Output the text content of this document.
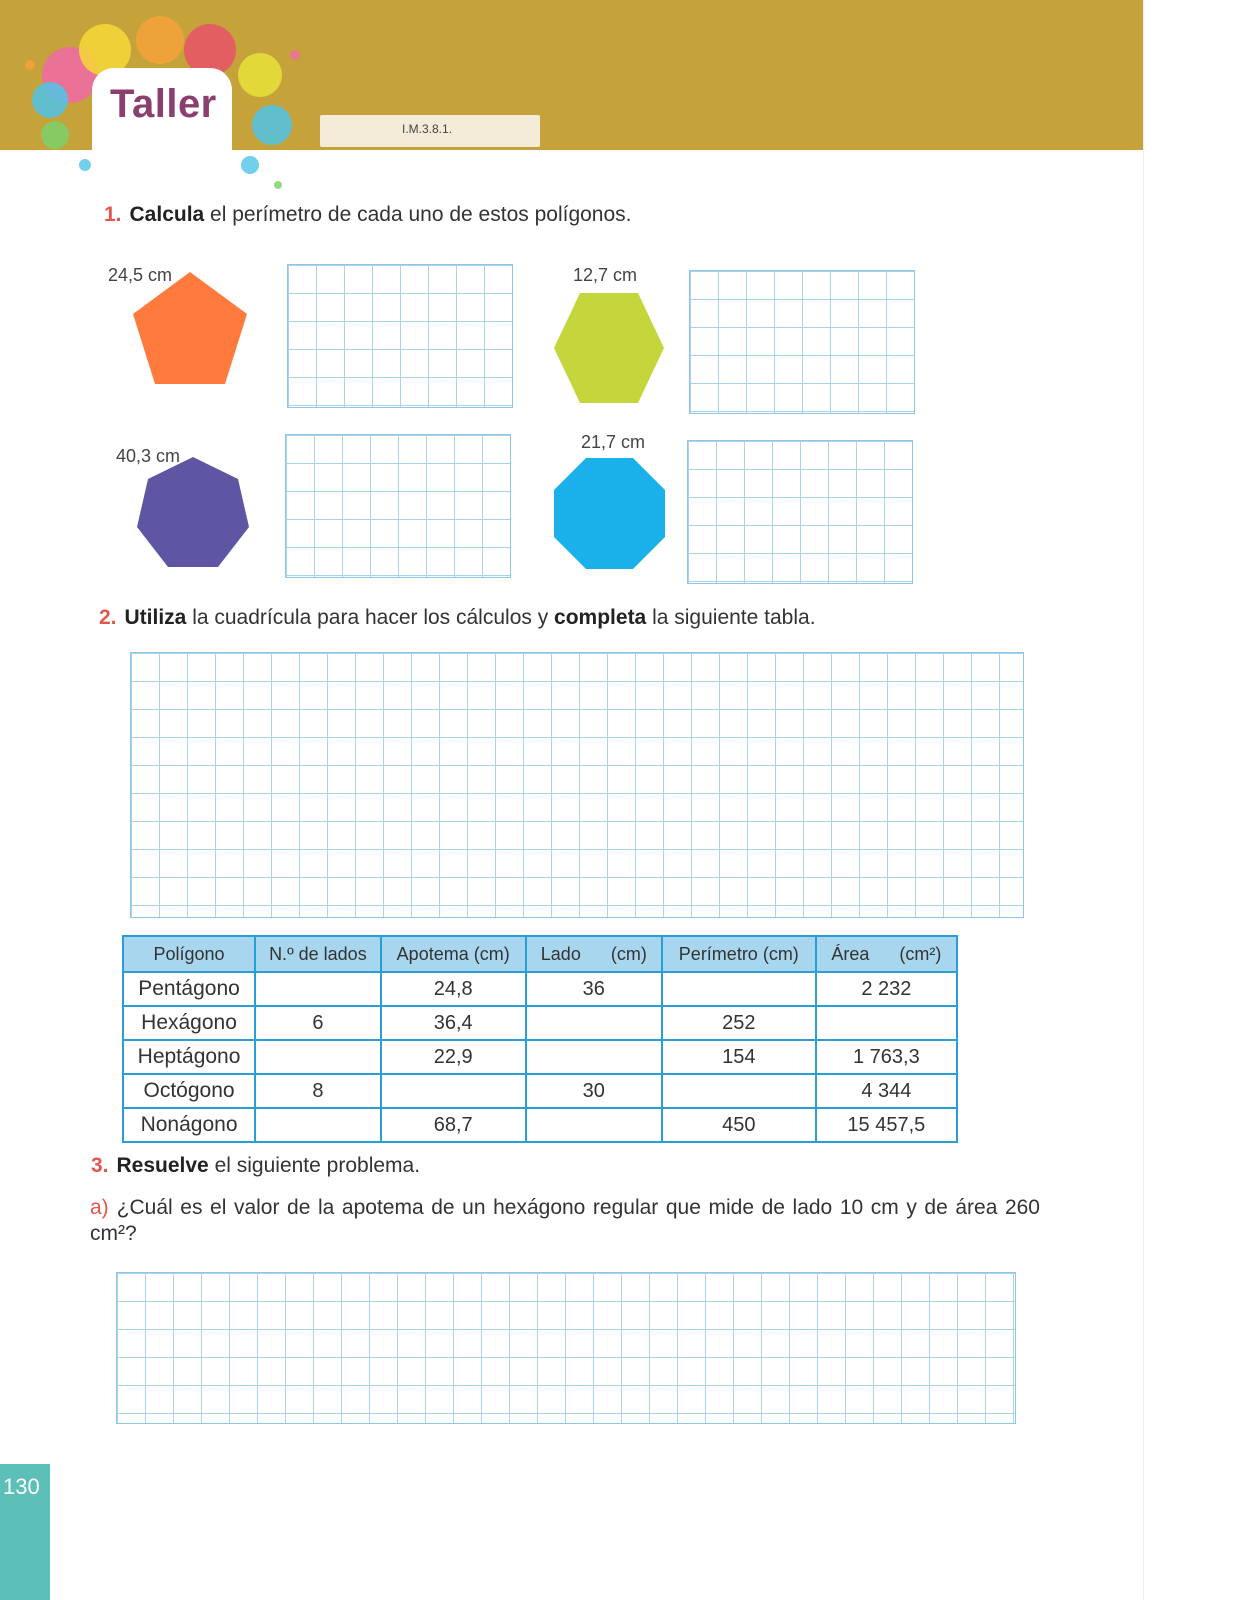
Taller
I.M.3.8.1.
1. Calcula el perímetro de cada uno de estos polígonos.
24,5 cm	12,7 cm
40,3 cm
21,7 cm
2. Utiliza la cuadrícula para hacer los cálculos y completa la siguiente tabla.
Polígono	N.º de lados	Apotema (cm)	Lado      (cm)	Perímetro (cm)	Área      (cm²)
Pentágono		24,8	36		2 232
Hexágono	6	36,4		252	
Heptágono		22,9		154	1 763,3
Octógono	8		30		4 344
Nonágono		68,7		450	15 457,5
3. Resuelve el siguiente problema.
a) ¿Cuál es el valor de la apotema de un hexágono regular que mide de lado 10 cm y de área 260 cm²?
130
